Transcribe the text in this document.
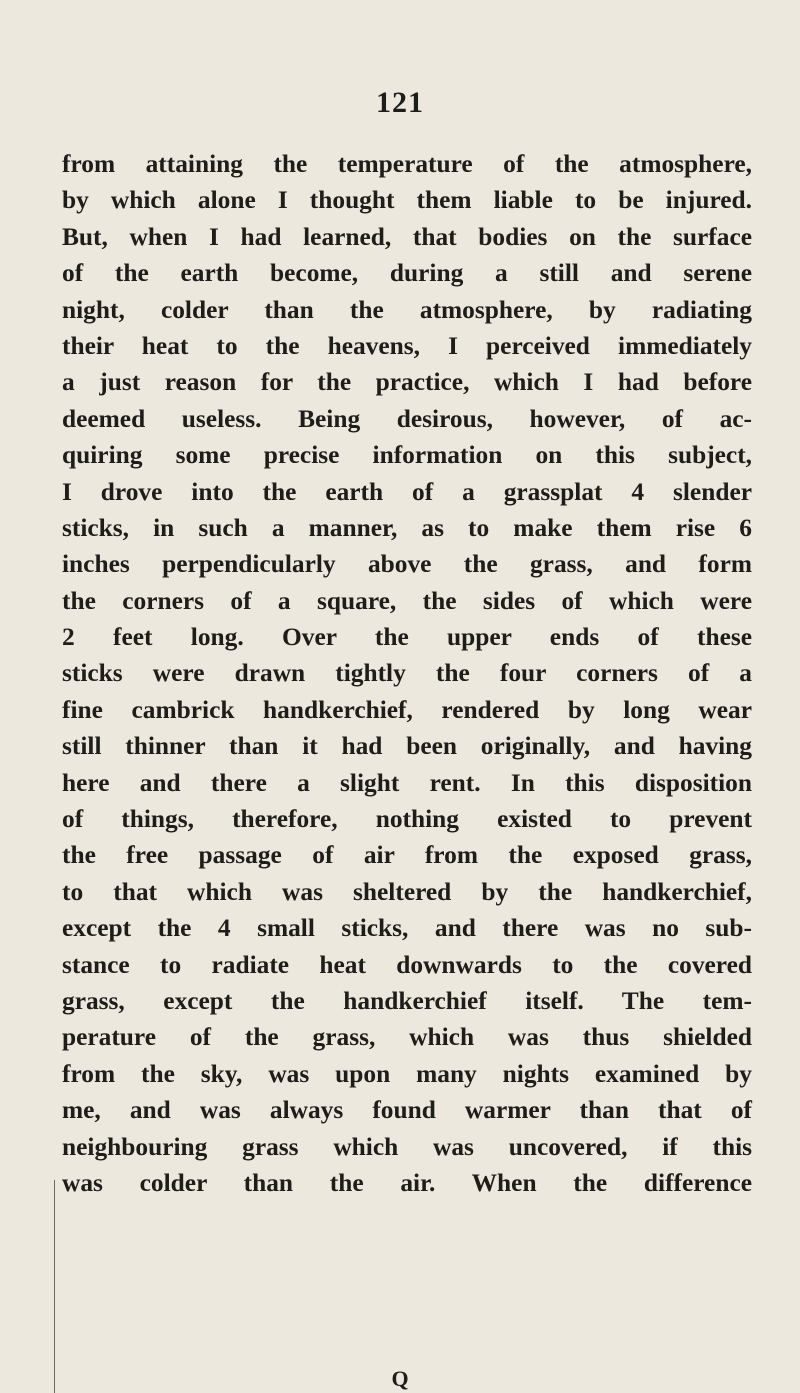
121
from attaining the temperature of the atmosphere,
by which alone I thought them liable to be injured.
But, when I had learned, that bodies on the surface
of the earth become, during a still and serene
night, colder than the atmosphere, by radiating
their heat to the heavens, I perceived immediately
a just reason for the practice, which I had before
deemed useless. Being desirous, however, of ac-
quiring some precise information on this subject,
I drove into the earth of a grassplat 4 slender
sticks, in such a manner, as to make them rise 6
inches perpendicularly above the grass, and form
the corners of a square, the sides of which were
2 feet long. Over the upper ends of these
sticks were drawn tightly the four corners of a
fine cambrick handkerchief, rendered by long wear
still thinner than it had been originally, and having
here and there a slight rent. In this disposition
of things, therefore, nothing existed to prevent
the free passage of air from the exposed grass,
to that which was sheltered by the handkerchief,
except the 4 small sticks, and there was no sub-
stance to radiate heat downwards to the covered
grass, except the handkerchief itself. The tem-
perature of the grass, which was thus shielded
from the sky, was upon many nights examined by
me, and was always found warmer than that of
neighbouring grass which was uncovered, if this
was colder than the air. When the difference
Q
